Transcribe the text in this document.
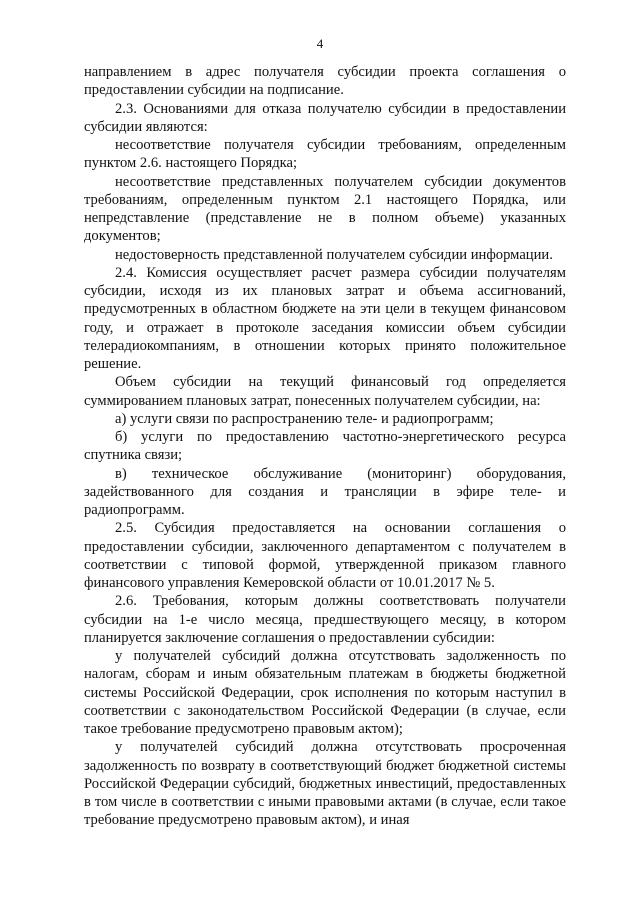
4

направлением в адрес получателя субсидии проекта соглашения о предоставлении субсидии на подписание.

2.3. Основаниями для отказа получателю субсидии в предоставлении субсидии являются:

несоответствие получателя субсидии требованиям, определенным пунктом 2.6. настоящего Порядка;

несоответствие представленных получателем субсидии документов требованиям, определенным пунктом 2.1 настоящего Порядка, или непредставление (представление не в полном объеме) указанных документов;

недостоверность представленной получателем субсидии информации.

2.4. Комиссия осуществляет расчет размера субсидии получателям субсидии, исходя из их плановых затрат и объема ассигнований, предусмотренных в областном бюджете на эти цели в текущем финансовом году, и отражает в протоколе заседания комиссии объем субсидии телерадиокомпаниям, в отношении которых принято положительное решение.

Объем субсидии на текущий финансовый год определяется суммированием плановых затрат, понесенных получателем субсидии, на:

а) услуги связи по распространению теле- и радиопрограмм;

б) услуги по предоставлению частотно-энергетического ресурса спутника связи;

в) техническое обслуживание (мониторинг) оборудования, задействованного для создания и трансляции в эфире теле- и радиопрограмм.

2.5. Субсидия предоставляется на основании соглашения о предоставлении субсидии, заключенного департаментом с получателем в соответствии с типовой формой, утвержденной приказом главного финансового управления Кемеровской области от 10.01.2017 № 5.

2.6. Требования, которым должны соответствовать получатели субсидии на 1-е число месяца, предшествующего месяцу, в котором планируется заключение соглашения о предоставлении субсидии:

у получателей субсидий должна отсутствовать задолженность по налогам, сборам и иным обязательным платежам в бюджеты бюджетной системы Российской Федерации, срок исполнения по которым наступил в соответствии с законодательством Российской Федерации (в случае, если такое требование предусмотрено правовым актом);

у получателей субсидий должна отсутствовать просроченная задолженность по возврату в соответствующий бюджет бюджетной системы Российской Федерации субсидий, бюджетных инвестиций, предоставленных в том числе в соответствии с иными правовыми актами (в случае, если такое требование предусмотрено правовым актом), и иная
